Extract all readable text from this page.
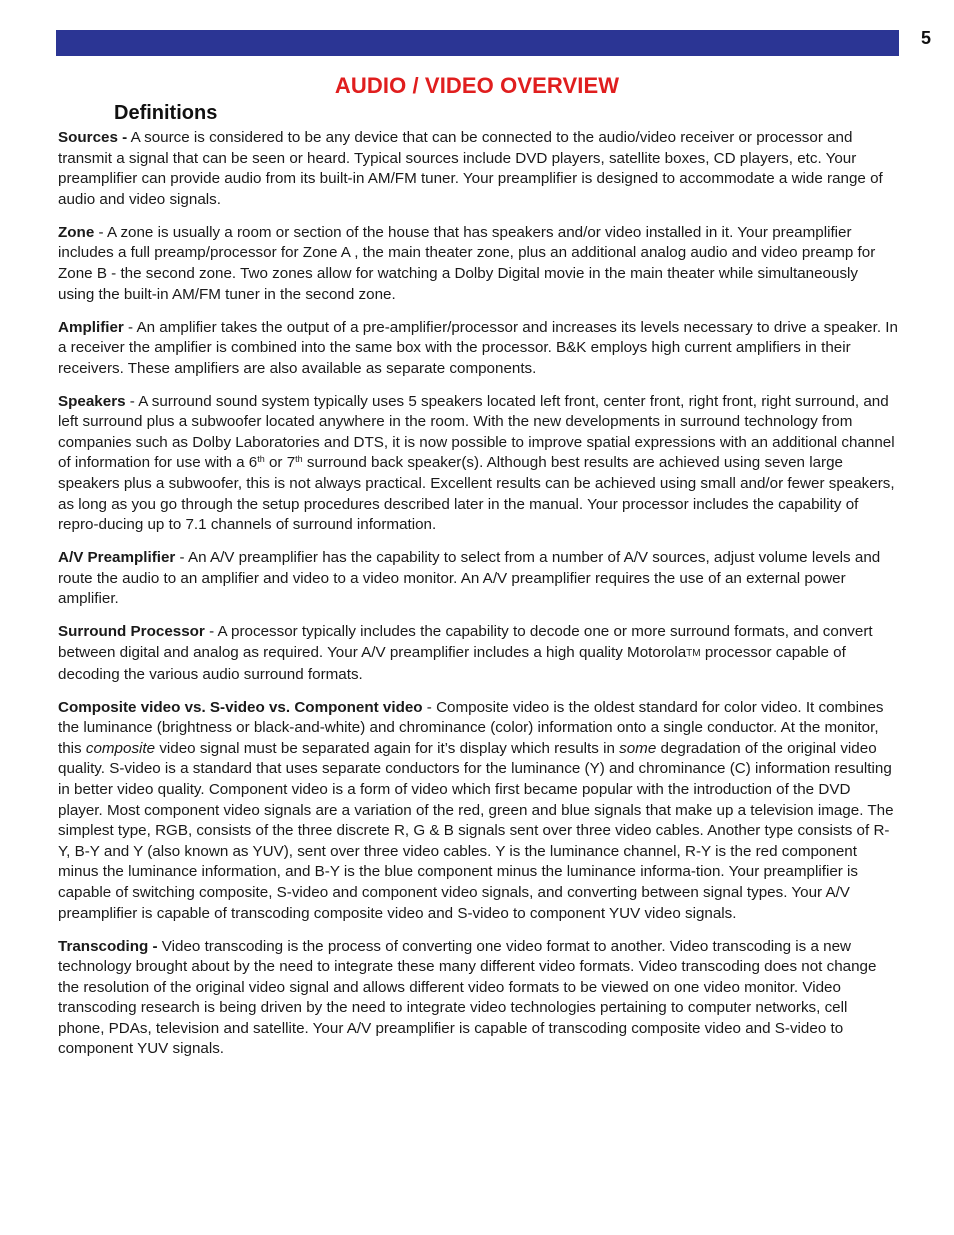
5
AUDIO / VIDEO OVERVIEW
Definitions

Sources - A source is considered to be any device that can be connected to the audio/video receiver or processor and transmit a signal that can be seen or heard. Typical sources include DVD players, satellite boxes, CD players, etc. Your preamplifier can provide audio from its built-in AM/FM tuner. Your preamplifier is designed to accommodate a wide range of audio and video signals.

Zone - A zone is usually a room or section of the house that has speakers and/or video installed in it. Your preamplifier includes a full preamp/processor for Zone A , the main theater zone, plus an additional analog audio and video preamp for Zone B - the second zone. Two zones allow for watching a Dolby Digital movie in the main theater while simultaneously using the built-in AM/FM tuner in the second zone.

Amplifier - An amplifier takes the output of a pre-amplifier/processor and increases its levels necessary to drive a speaker. In a receiver the amplifier is combined into the same box with the processor. B&K employs high current amplifiers in their receivers. These amplifiers are also available as separate components.

Speakers - A surround sound system typically uses 5 speakers located left front, center front, right front, right surround, and left surround plus a subwoofer located anywhere in the room. With the new developments in surround technology from companies such as Dolby Laboratories and DTS, it is now possible to improve spatial expressions with an additional channel of information for use with a 6th or 7th surround back speaker(s). Although best results are achieved using seven large speakers plus a subwoofer, this is not always practical. Excellent results can be achieved using small and/or fewer speakers, as long as you go through the setup procedures described later in the manual. Your processor includes the capability of repro-ducing up to 7.1 channels of surround information.

A/V Preamplifier - An A/V preamplifier has the capability to select from a number of A/V sources, adjust volume levels and route the audio to an amplifier and video to a video monitor. An A/V preamplifier requires the use of an external power amplifier.

Surround Processor - A processor typically includes the capability to decode one or more surround formats, and convert between digital and analog as required. Your A/V preamplifier includes a high quality MotorolaTM processor capable of decoding the various audio surround formats.

Composite video vs. S-video vs. Component video - Composite video is the oldest standard for color video. It combines the luminance (brightness or black-and-white) and chrominance (color) information onto a single conductor. At the monitor, this composite video signal must be separated again for it’s display which results in some degradation of the original video quality. S-video is a standard that uses separate conductors for the luminance (Y) and chrominance (C) information resulting in better video quality. Component video is a form of video which first became popular with the introduction of the DVD player. Most component video signals are a variation of the red, green and blue signals that make up a television image. The simplest type, RGB, consists of the three discrete R, G & B signals sent over three video cables. Another type consists of R-Y, B-Y and Y (also known as YUV), sent over three video cables. Y is the luminance channel, R-Y is the red component minus the luminance information, and B-Y is the blue component minus the luminance informa-tion. Your preamplifier is capable of switching composite, S-video and component video signals, and converting between signal types. Your A/V preamplifier is capable of transcoding composite video and S-video to component YUV video signals.

Transcoding - Video transcoding is the process of converting one video format to another. Video transcoding is a new technology brought about by the need to integrate these many different video formats. Video transcoding does not change the resolution of the original video signal and allows different video formats to be viewed on one video monitor. Video transcoding research is being driven by the need to integrate video technologies pertaining to computer networks, cell phone, PDAs, television and satellite. Your A/V preamplifier is capable of transcoding composite video and S-video to component YUV signals.
